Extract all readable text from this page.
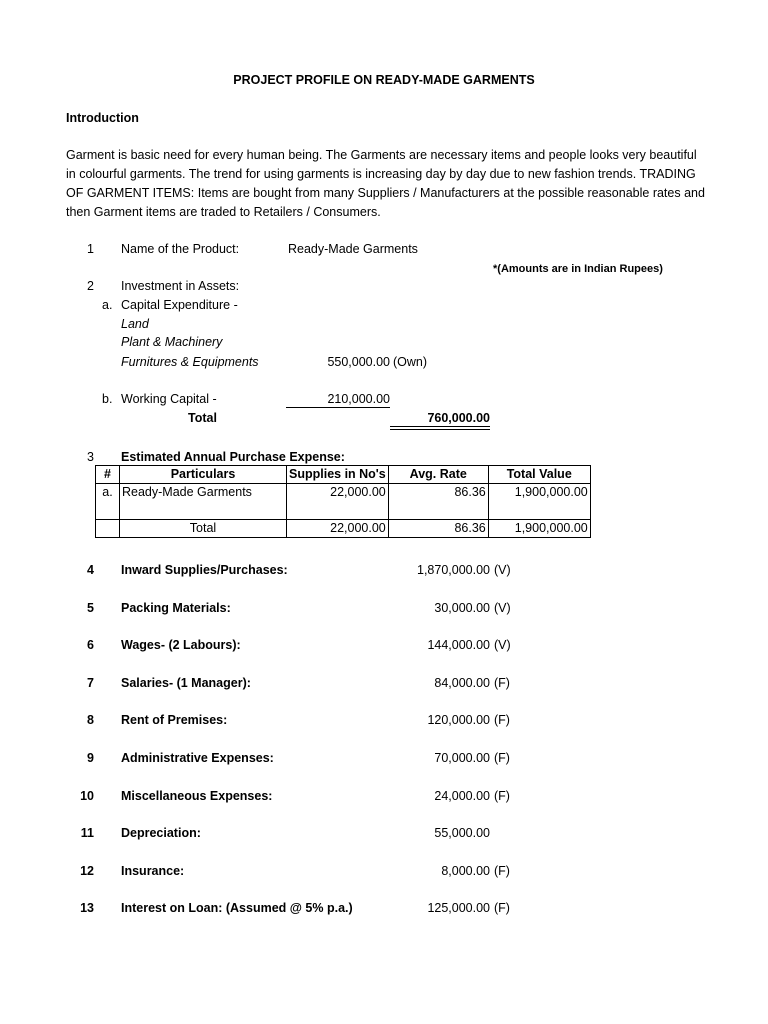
PROJECT PROFILE ON READY-MADE GARMENTS
Introduction
Garment is basic need for every human being. The Garments are necessary items and people looks very beautiful in colourful garments. The trend for using garments is increasing day by day due to new fashion trends. TRADING OF GARMENT ITEMS: Items are bought from many Suppliers / Manufacturers at the possible reasonable rates and then Garment items are traded to Retailers / Consumers.
1 Name of the Product:	Ready-Made Garments
*(Amounts are in Indian Rupees)
2 Investment in Assets:
a. Capital Expenditure -
Land
Plant & Machinery
Furnitures & Equipments	550,000.00 (Own)
b. Working Capital -	210,000.00
Total	760,000.00
3 Estimated Annual Purchase Expense:
#	Particulars	Supplies in No's	Avg. Rate	Total Value
a.	Ready-Made Garments	22,000.00	86.36	1,900,000.00

	Total	22,000.00	86.36	1,900,000.00
4 Inward Supplies/Purchases:	1,870,000.00 (V)
5 Packing Materials:	30,000.00 (V)
6 Wages- (2 Labours):	144,000.00 (V)
7 Salaries- (1 Manager):	84,000.00 (F)
8 Rent of Premises:	120,000.00 (F)
9 Administrative Expenses:	70,000.00 (F)
10 Miscellaneous Expenses:	24,000.00 (F)
11 Depreciation:	55,000.00
12 Insurance:	8,000.00 (F)
13 Interest on Loan: (Assumed @ 5% p.a.)	125,000.00 (F)
